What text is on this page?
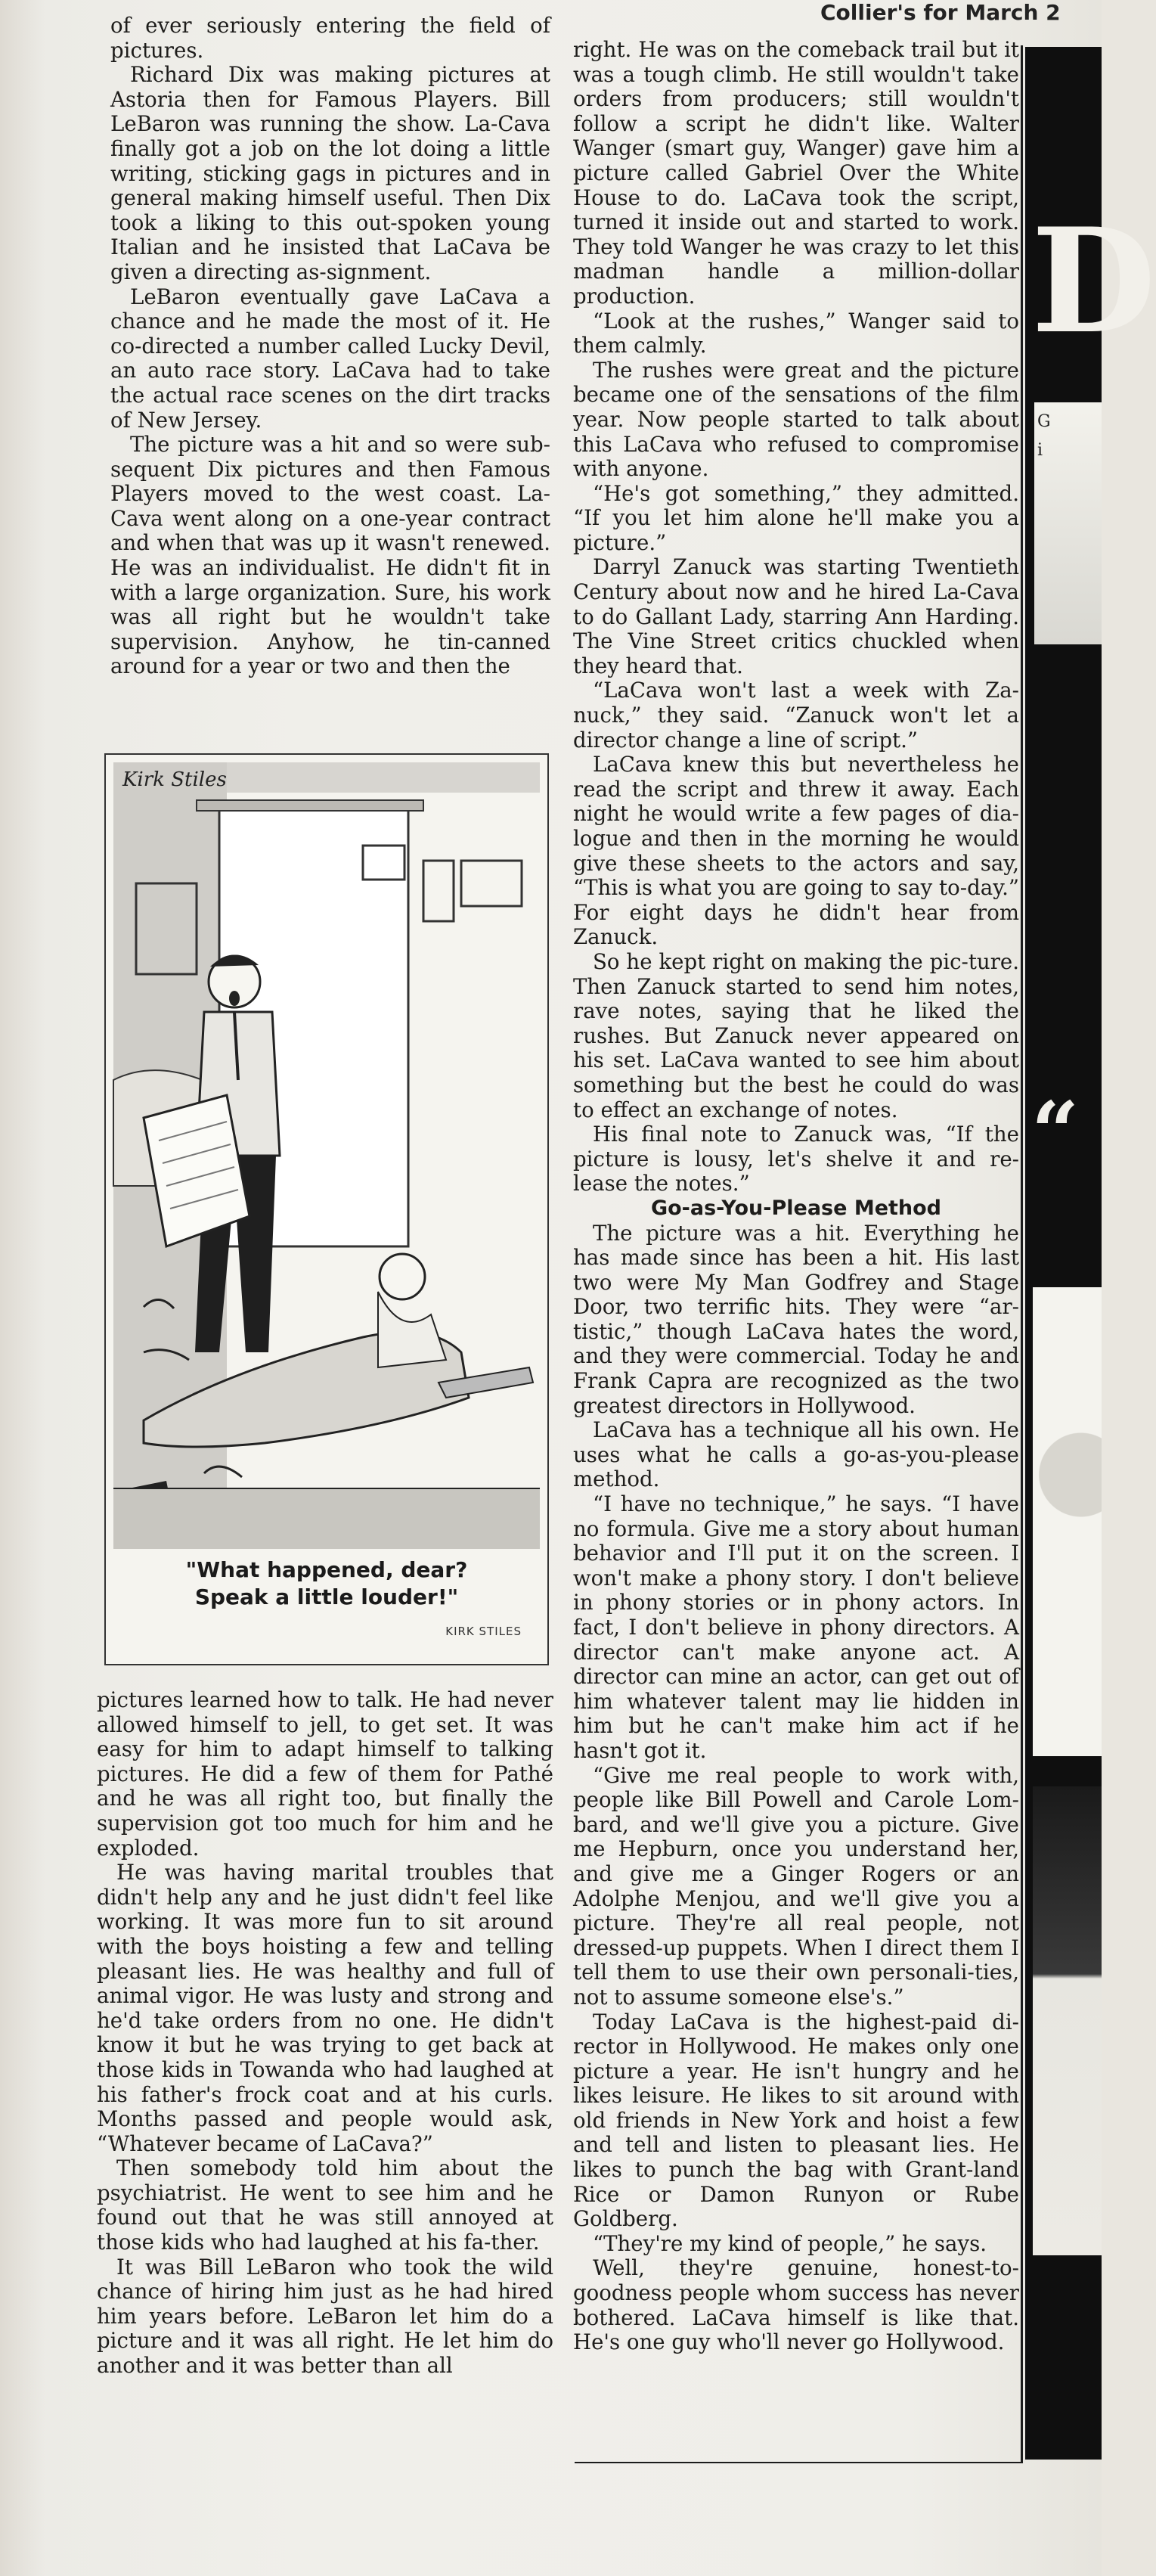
Collier's for March 2

of ever seriously entering the field of pictures.

Richard Dix was making pictures at Astoria then for Famous Players. Bill LeBaron was running the show. La-Cava finally got a job on the lot doing a little writing, sticking gags in pictures and in general making himself useful. Then Dix took a liking to this out-spoken young Italian and he insisted that LaCava be given a directing as-signment.

LeBaron eventually gave LaCava a chance and he made the most of it. He co-directed a number called Lucky Devil, an auto race story. LaCava had to take the actual race scenes on the dirt tracks of New Jersey.

The picture was a hit and so were sub-sequent Dix pictures and then Famous Players moved to the west coast. La-Cava went along on a one-year contract and when that was up it wasn't renewed. He was an individualist. He didn't fit in with a large organization. Sure, his work was all right but he wouldn't take supervision. Anyhow, he tin-canned around for a year or two and then the

Kirk Stiles
"What happened, dear?
Speak a little louder!"
KIRK STILES

pictures learned how to talk. He had never allowed himself to jell, to get set. It was easy for him to adapt himself to talking pictures. He did a few of them for Pathé and he was all right too, but finally the supervision got too much for him and he exploded.

He was having marital troubles that didn't help any and he just didn't feel like working. It was more fun to sit around with the boys hoisting a few and telling pleasant lies. He was healthy and full of animal vigor. He was lusty and strong and he'd take orders from no one. He didn't know it but he was trying to get back at those kids in Towanda who had laughed at his father's frock coat and at his curls. Months passed and people would ask, “Whatever became of LaCava?”

Then somebody told him about the psychiatrist. He went to see him and he found out that he was still annoyed at those kids who had laughed at his fa-ther.

It was Bill LeBaron who took the wild chance of hiring him just as he had hired him years before. LeBaron let him do a picture and it was all right. He let him do another and it was better than all

right. He was on the comeback trail but it was a tough climb. He still wouldn't take orders from producers; still wouldn't follow a script he didn't like. Walter Wanger (smart guy, Wanger) gave him a picture called Gabriel Over the White House to do. LaCava took the script, turned it inside out and started to work. They told Wanger he was crazy to let this madman handle a million-dollar production.

“Look at the rushes,” Wanger said to them calmly.

The rushes were great and the picture became one of the sensations of the film year. Now people started to talk about this LaCava who refused to compromise with anyone.

“He's got something,” they admitted. “If you let him alone he'll make you a picture.”

Darryl Zanuck was starting Twentieth Century about now and he hired La-Cava to do Gallant Lady, starring Ann Harding. The Vine Street critics chuckled when they heard that.

“LaCava won't last a week with Za-nuck,” they said. “Zanuck won't let a director change a line of script.”

LaCava knew this but nevertheless he read the script and threw it away. Each night he would write a few pages of dia-logue and then in the morning he would give these sheets to the actors and say, “This is what you are going to say to-day.” For eight days he didn't hear from Zanuck.

So he kept right on making the pic-ture. Then Zanuck started to send him notes, rave notes, saying that he liked the rushes. But Zanuck never appeared on his set. LaCava wanted to see him about something but the best he could do was to effect an exchange of notes.

His final note to Zanuck was, “If the picture is lousy, let's shelve it and re-lease the notes.”

Go-as-You-Please Method

The picture was a hit. Everything he has made since has been a hit. His last two were My Man Godfrey and Stage Door, two terrific hits. They were “ar-tistic,” though LaCava hates the word, and they were commercial. Today he and Frank Capra are recognized as the two greatest directors in Hollywood.

LaCava has a technique all his own. He uses what he calls a go-as-you-please method.

“I have no technique,” he says. “I have no formula. Give me a story about human behavior and I'll put it on the screen. I won't make a phony story. I don't believe in phony stories or in phony actors. In fact, I don't believe in phony directors. A director can't make anyone act. A director can mine an actor, can get out of him whatever talent may lie hidden in him but he can't make him act if he hasn't got it.

“Give me real people to work with, people like Bill Powell and Carole Lom-bard, and we'll give you a picture. Give me Hepburn, once you understand her, and give me a Ginger Rogers or an Adolphe Menjou, and we'll give you a picture. They're all real people, not dressed-up puppets. When I direct them I tell them to use their own personali-ties, not to assume someone else's.”

Today LaCava is the highest-paid di-rector in Hollywood. He makes only one picture a year. He isn't hungry and he likes leisure. He likes to sit around with old friends in New York and hoist a few and tell and listen to pleasant lies. He likes to punch the bag with Grant-land Rice or Damon Runyon or Rube Goldberg.

“They're my kind of people,” he says.

Well, they're genuine, honest-to-goodness people whom success has never bothered. LaCava himself is like that. He's one guy who'll never go Hollywood.

D
G
i
“
